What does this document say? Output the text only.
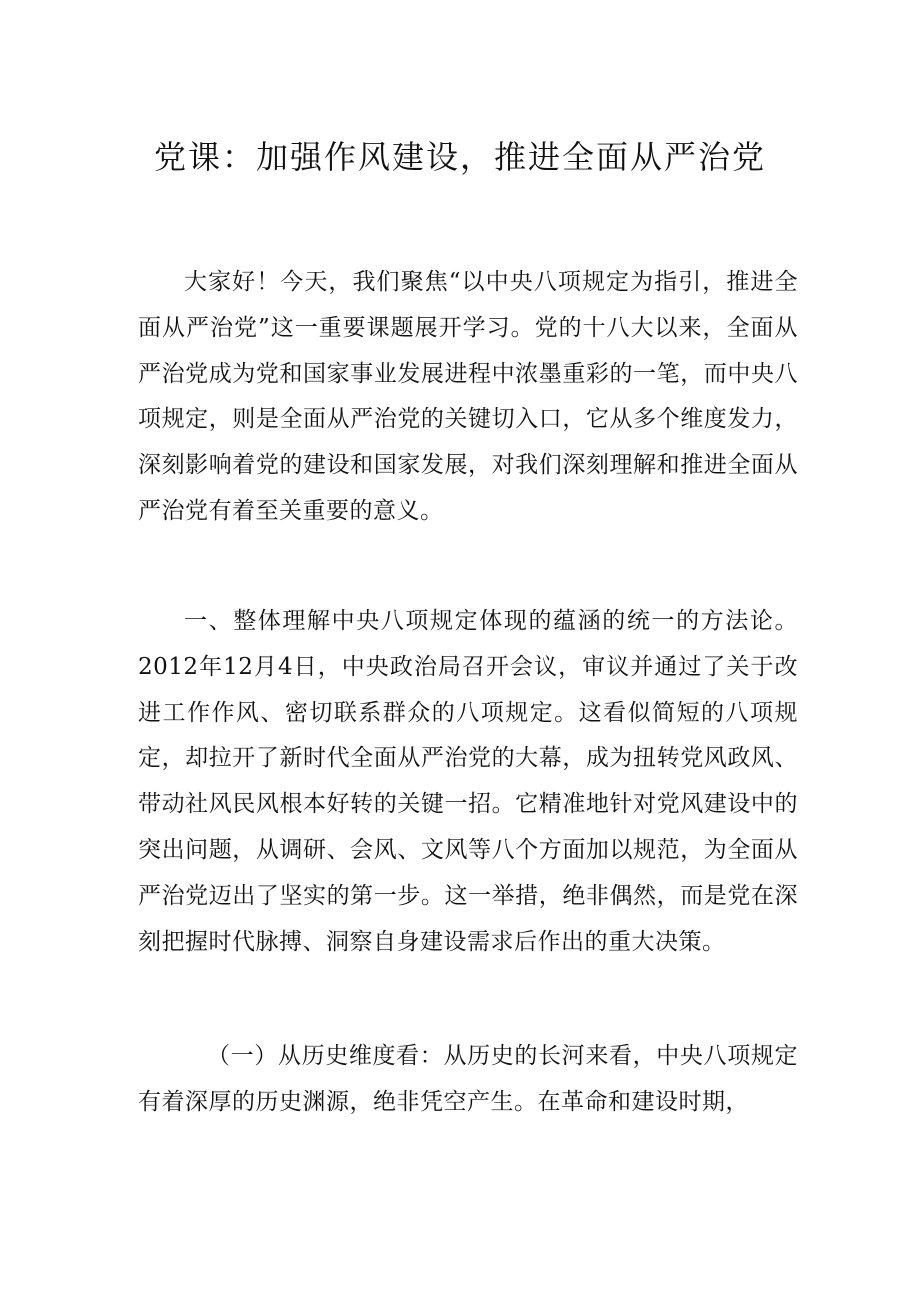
党课：加强作风建设，推进全面从严治党

大家好！今天，我们聚焦“以中央八项规定为指引，推进全面从严治党”这一重要课题展开学习。党的十八大以来，全面从严治党成为党和国家事业发展进程中浓墨重彩的一笔，而中央八项规定，则是全面从严治党的关键切入口，它从多个维度发力，深刻影响着党的建设和国家发展，对我们深刻理解和推进全面从严治党有着至关重要的意义。

一、整体理解中央八项规定体现的蕴涵的统一的方法论。2012年12月4日，中央政治局召开会议，审议并通过了关于改进工作作风、密切联系群众的八项规定。这看似简短的八项规定，却拉开了新时代全面从严治党的大幕，成为扭转党风政风、带动社风民风根本好转的关键一招。它精准地针对党风建设中的突出问题，从调研、会风、文风等八个方面加以规范，为全面从严治党迈出了坚实的第一步。这一举措，绝非偶然，而是党在深刻把握时代脉搏、洞察自身建设需求后作出的重大决策。

（一）从历史维度看：从历史的长河来看，中央八项规定有着深厚的历史渊源，绝非凭空产生。在革命和建设时期，
